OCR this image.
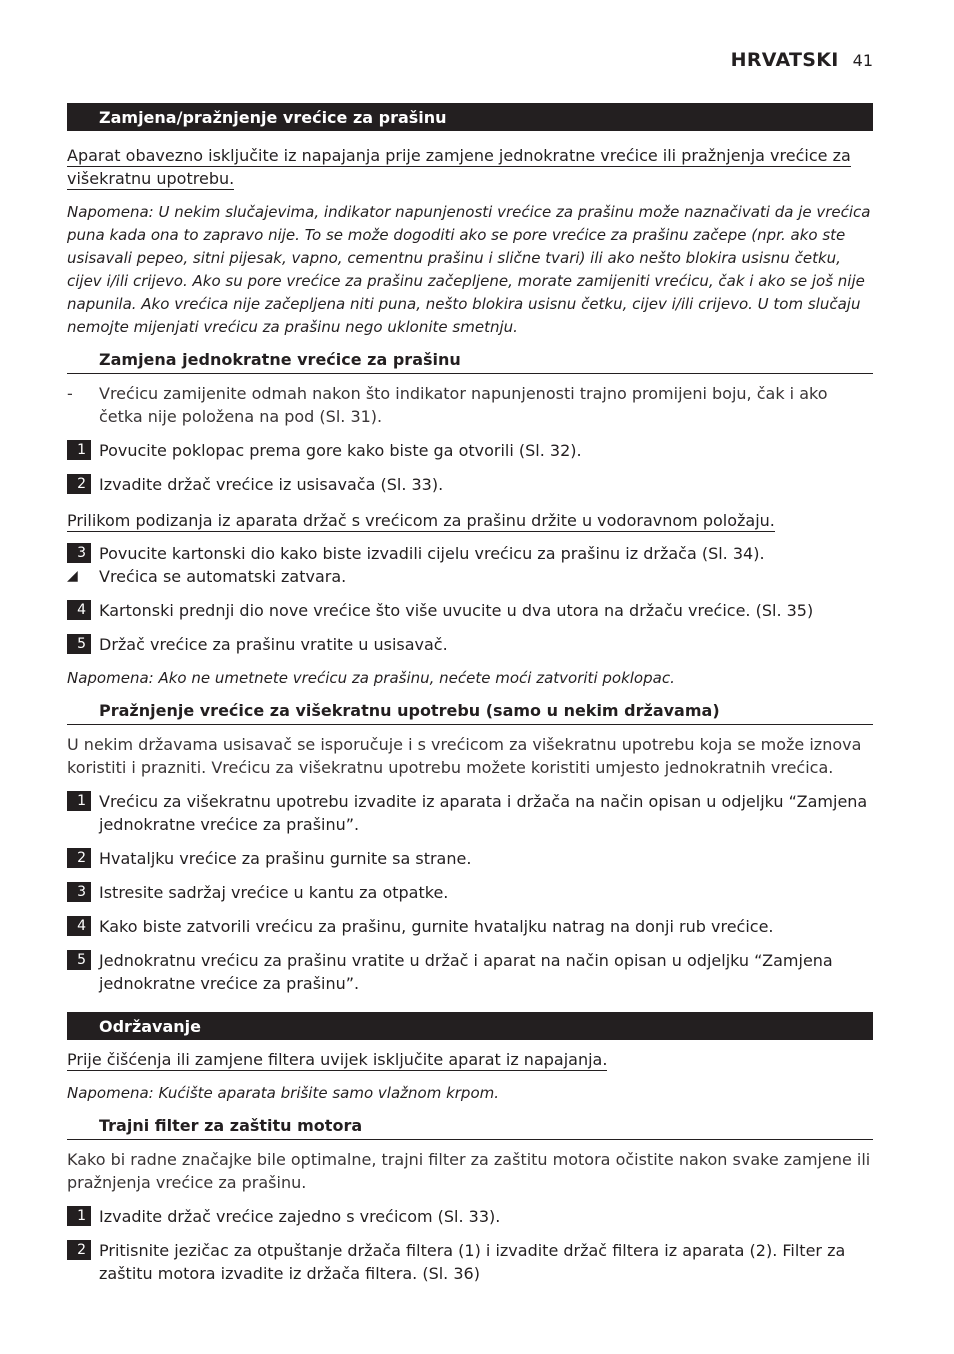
HRVATSKI 41
Zamjena/pražnjenje vrećice za prašinu

Aparat obavezno isključite iz napajanja prije zamjene jednokratne vrećice ili pražnjenja vrećice za višekratnu upotrebu.

Napomena: U nekim slučajevima, indikator napunjenosti vrećice za prašinu može naznačivati da je vrećica puna kada ona to zapravo nije. To se može dogoditi ako se pore vrećice za prašinu začepe (npr. ako ste usisavali pepeo, sitni pijesak, vapno, cementnu prašinu i slične tvari) ili ako nešto blokira usisnu četku, cijev i/ili crijevo. Ako su pore vrećice za prašinu začepljene, morate zamijeniti vrećicu, čak i ako se još nije napunila. Ako vrećica nije začepljena niti puna, nešto blokira usisnu četku, cijev i/ili crijevo. U tom slučaju nemojte mijenjati vrećicu za prašinu nego uklonite smetnju.

Zamjena jednokratne vrećice za prašinu
-	Vrećicu zamijenite odmah nakon što indikator napunjenosti trajno promijeni boju, čak i ako četka nije položena na pod (Sl. 31).
1 Povucite poklopac prema gore kako biste ga otvorili (Sl. 32).
2 Izvadite držač vrećice iz usisavača (Sl. 33).

Prilikom podizanja iz aparata držač s vrećicom za prašinu držite u vodoravnom položaju.

3 Povucite kartonski dio kako biste izvadili cijelu vrećicu za prašinu iz držača (Sl. 34).
◢	Vrećica se automatski zatvara.
4 Kartonski prednji dio nove vrećice što više uvucite u dva utora na držaču vrećice. (Sl. 35)
5 Držač vrećice za prašinu vratite u usisavač.

Napomena: Ako ne umetnete vrećicu za prašinu, nećete moći zatvoriti poklopac.

Pražnjenje vrećice za višekratnu upotrebu (samo u nekim državama)

U nekim državama usisavač se isporučuje i s vrećicom za višekratnu upotrebu koja se može iznova koristiti i prazniti. Vrećicu za višekratnu upotrebu možete koristiti umjesto jednokratnih vrećica.

1 Vrećicu za višekratnu upotrebu izvadite iz aparata i držača na način opisan u odjeljku “Zamjena jednokratne vrećice za prašinu”.
2 Hvataljku vrećice za prašinu gurnite sa strane.
3 Istresite sadržaj vrećice u kantu za otpatke.
4 Kako biste zatvorili vrećicu za prašinu, gurnite hvataljku natrag na donji rub vrećice.
5 Jednokratnu vrećicu za prašinu vratite u držač i aparat na način opisan u odjeljku “Zamjena jednokratne vrećice za prašinu”.
Održavanje

Prije čišćenja ili zamjene filtera uvijek isključite aparat iz napajanja.

Napomena: Kućište aparata brišite samo vlažnom krpom.

Trajni filter za zaštitu motora

Kako bi radne značajke bile optimalne, trajni filter za zaštitu motora očistite nakon svake zamjene ili pražnjenja vrećice za prašinu.

1 Izvadite držač vrećice zajedno s vrećicom (Sl. 33).
2 Pritisnite jezičac za otpuštanje držača filtera (1) i izvadite držač filtera iz aparata (2). Filter za zaštitu motora izvadite iz držača filtera. (Sl. 36)
